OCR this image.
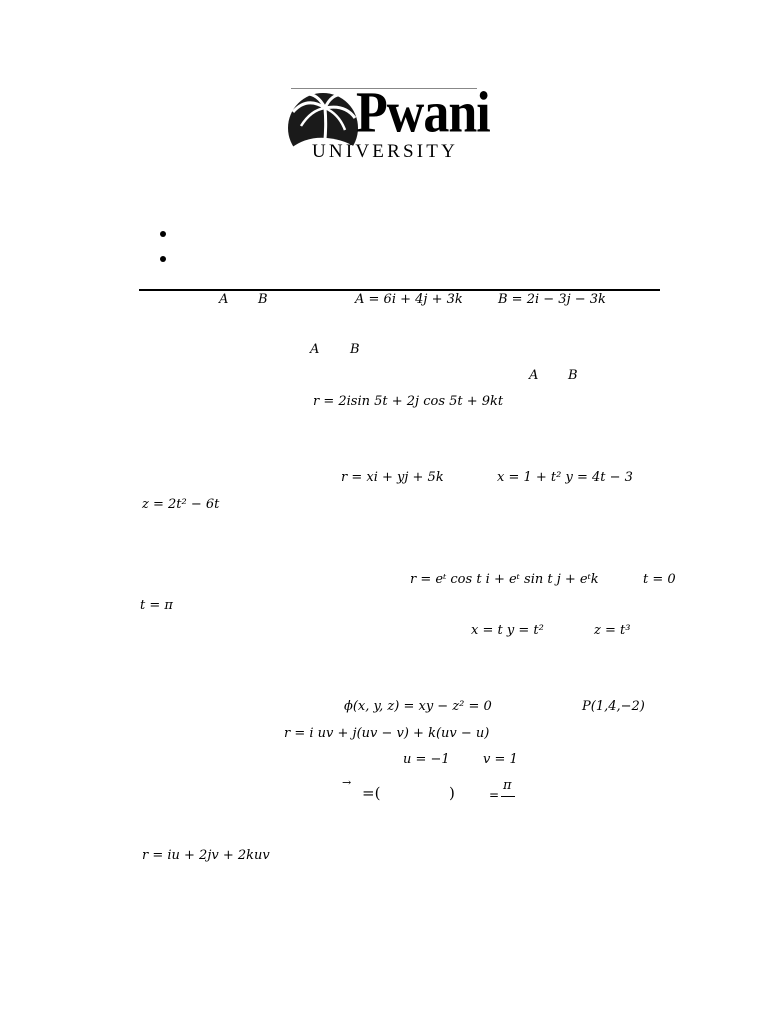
Pwani
UNIVERSITY
A B	A = 6i + 4j + 3k	B = 2i − 3j − 3k
A B
A B
r = 2isin 5t + 2j cos 5t + 9kt
r = xi + yj + 5k	x = 1 + t² y = 4t − 3
z = 2t² − 6t
r = eᵗ cos t i + eᵗ sin t j + eᵗk	t = 0
t = π
x = t y = t²	z = t³
ϕ(x, y, z) = xy − z² = 0	P(1,4,−2)
r = i uv + j(uv − v) + k(uv − u)
u = −1	v = 1
→
=(	)	=
π
r = iu + 2jv + 2kuv
